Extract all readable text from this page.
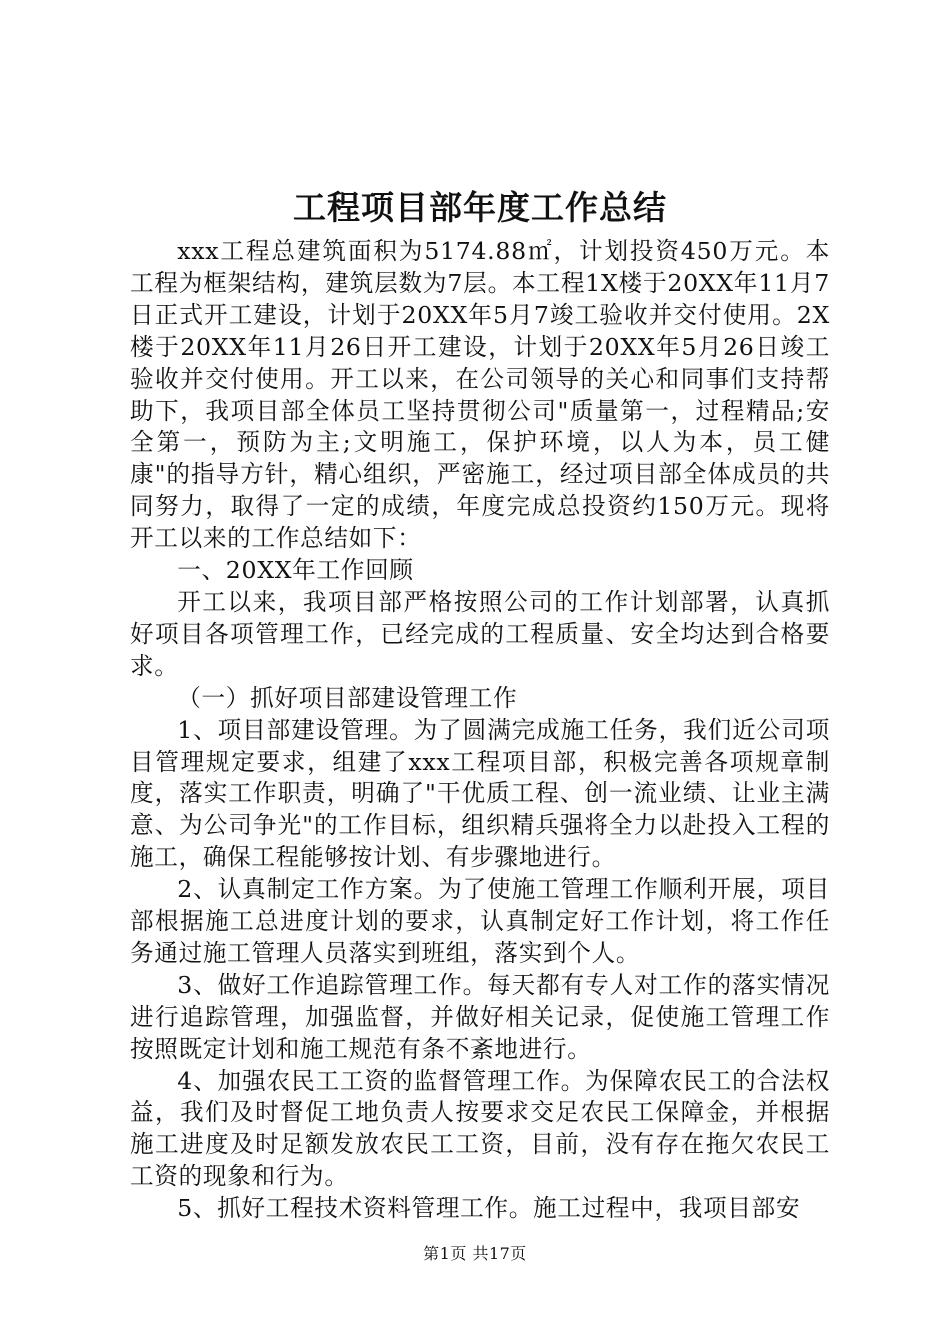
工程项目部年度工作总结

xxx工程总建筑面积为5174.88㎡，计划投资450万元。本工程为框架结构，建筑层数为7层。本工程1X楼于20XX年11月7日正式开工建设，计划于20XX年5月7竣工验收并交付使用。2X楼于20XX年11月26日开工建设，计划于20XX年5月26日竣工验收并交付使用。开工以来，在公司领导的关心和同事们支持帮助下，我项目部全体员工坚持贯彻公司"质量第一，过程精品;安全第一，预防为主;文明施工，保护环境，以人为本，员工健康"的指导方针，精心组织，严密施工，经过项目部全体成员的共同努力，取得了一定的成绩，年度完成总投资约150万元。现将开工以来的工作总结如下：

一、20XX年工作回顾

开工以来，我项目部严格按照公司的工作计划部署，认真抓好项目各项管理工作，已经完成的工程质量、安全均达到合格要求。

（一）抓好项目部建设管理工作

1、项目部建设管理。为了圆满完成施工任务，我们近公司项目管理规定要求，组建了xxx工程项目部，积极完善各项规章制度，落实工作职责，明确了"干优质工程、创一流业绩、让业主满意、为公司争光"的工作目标，组织精兵强将全力以赴投入工程的施工，确保工程能够按计划、有步骤地进行。

2、认真制定工作方案。为了使施工管理工作顺利开展，项目部根据施工总进度计划的要求，认真制定好工作计划，将工作任务通过施工管理人员落实到班组，落实到个人。

3、做好工作追踪管理工作。每天都有专人对工作的落实情况进行追踪管理，加强监督，并做好相关记录，促使施工管理工作按照既定计划和施工规范有条不紊地进行。

4、加强农民工工资的监督管理工作。为保障农民工的合法权益，我们及时督促工地负责人按要求交足农民工保障金，并根据施工进度及时足额发放农民工工资，目前，没有存在拖欠农民工工资的现象和行为。

5、抓好工程技术资料管理工作。施工过程中，我项目部安

第1页 共17页
